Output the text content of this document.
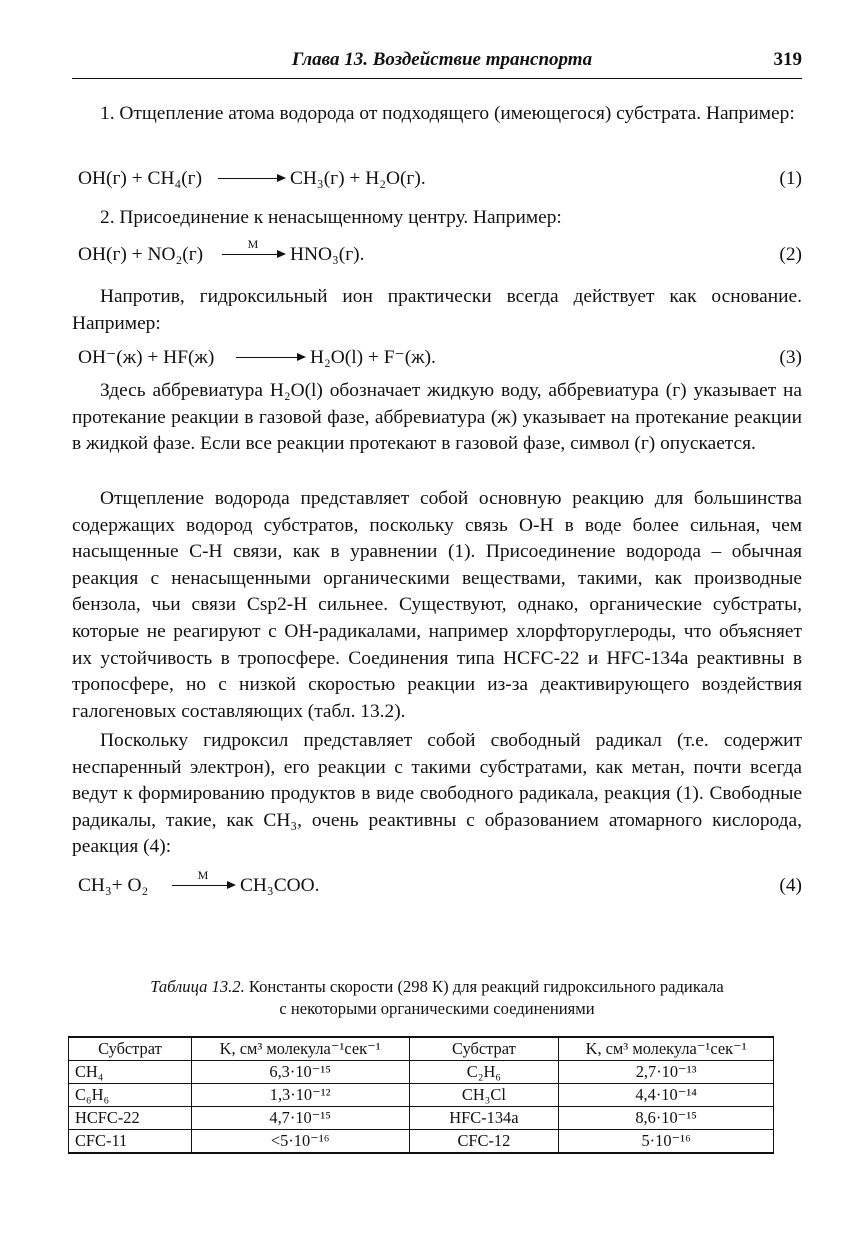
Глава 13. Воздействие транспорта	319
1. Отщепление атома водорода от подходящего (имеющегося) субстрата. Например:
OH(г) + CH₄(г) → CH₃(г) + H₂O(г).	(1)
2. Присоединение к ненасыщенному центру. Например:
OH(г) + NO₂(г)	M	HNO₃(г).	(2)
Напротив, гидроксильный ион практически всегда действует как основание. Например:
OH⁻(ж) + HF(ж) → H₂O(l) + F⁻(ж).	(3)
Здесь аббревиатура H₂O(l) обозначает жидкую воду, аббревиатура (г) указывает на протекание реакции в газовой фазе, аббревиатура (ж) указывает на протекание реакции в жидкой фазе. Если все реакции протекают в газовой фазе, символ (г) опускается.
Отщепление водорода представляет собой основную реакцию для большинства содержащих водород субстратов, поскольку связь О-Н в воде более сильная, чем насыщенные С-Н связи, как в уравнении (1). Присоединение водорода – обычная реакция с ненасыщенными органическими веществами, такими, как производные бензола, чьи связи Csp2-Н сильнее. Существуют, однако, органические субстраты, которые не реагируют с ОН-радикалами, например хлорфторуглероды, что объясняет их устойчивость в тропосфере. Соединения типа HCFC-22 и HFC-134a реактивны в тропосфере, но с низкой скоростью реакции из-за деактивирующего воздействия галогеновых составляющих (табл. 13.2).
Поскольку гидроксил представляет собой свободный радикал (т.е. содержит неспаренный электрон), его реакции с такими субстратами, как метан, почти всегда ведут к формированию продуктов в виде свободного радикала, реакция (1). Свободные радикалы, такие, как CH₃, очень реактивны с образованием атомарного кислорода, реакция (4):
CH₃+ O₂	M	CH₃COO.	(4)
Таблица 13.2. Константы скорости (298 К) для реакций гидроксильного радикала
с некоторыми органическими соединениями
Субстрат	K, см³ молекула⁻¹сек⁻¹	Субстрат	K, см³ молекула⁻¹сек⁻¹
CH₄	6,3·10⁻¹⁵	C₂H₆	2,7·10⁻¹³
C₆H₆	1,3·10⁻¹²	CH₃Cl	4,4·10⁻¹⁴
HCFC-22	4,7·10⁻¹⁵	HFC-134a	8,6·10⁻¹⁵
CFC-11	<5·10⁻¹⁶	CFC-12	5·10⁻¹⁶
